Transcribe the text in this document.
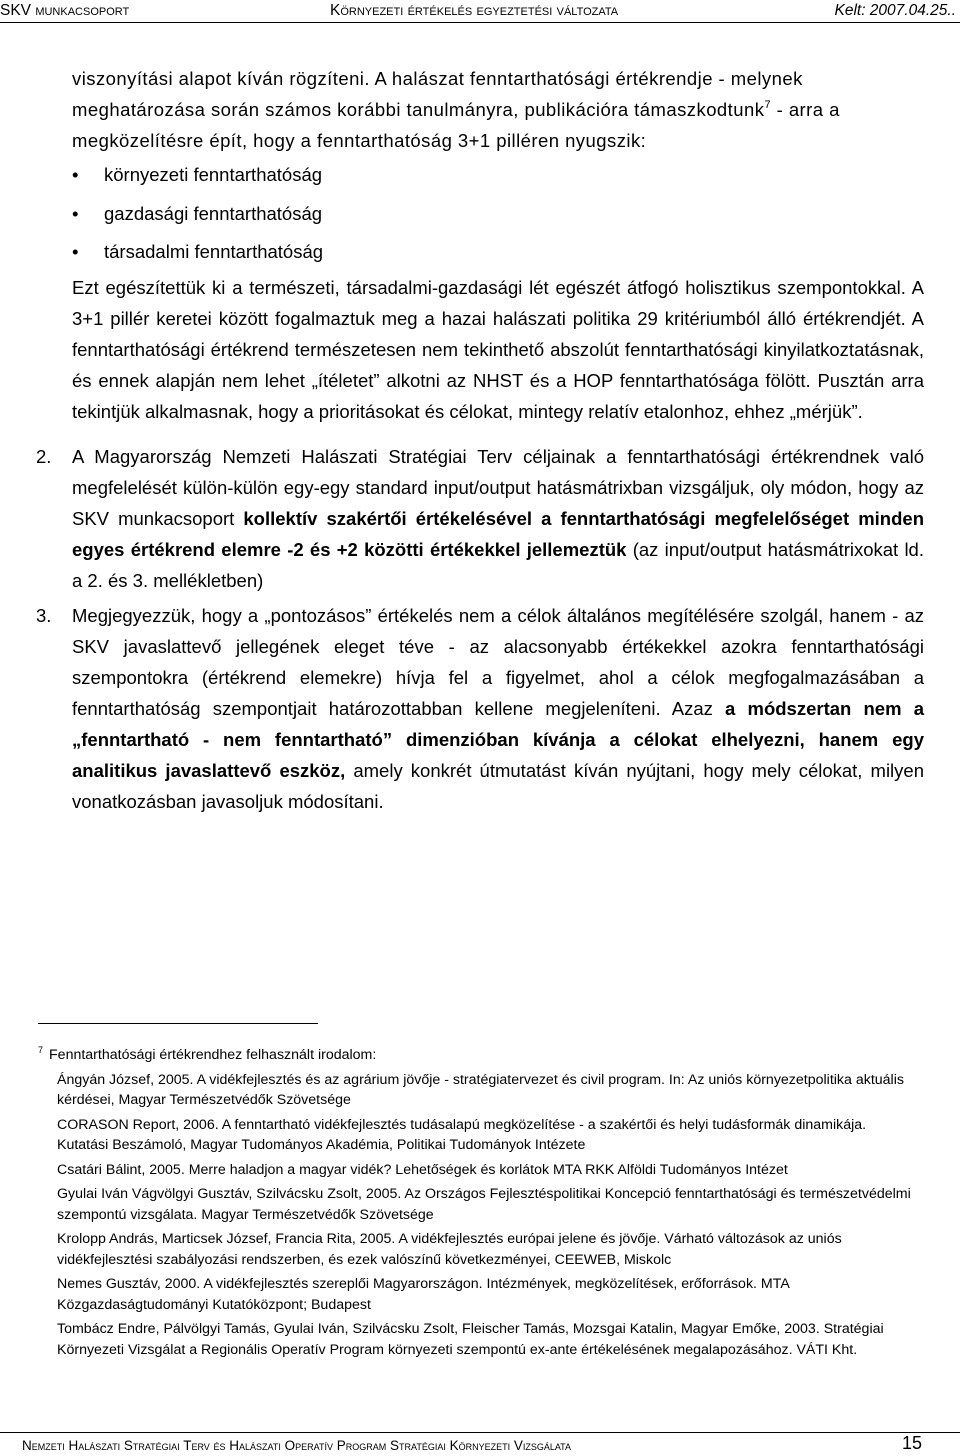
SKV munkacsoport	Környezeti értékelés egyeztetési változata	Kelt: 2007.04.25..

viszonyítási alapot kíván rögzíteni. A halászat fenntarthatósági értékrendje - melynek

meghatározása során számos korábbi tanulmányra, publikációra támaszkodtunk$^7$ - arra a

megközelítésre épít, hogy a fenntarthatóság 3+1 pilléren nyugszik:

• környezeti fenntarthatóság
• gazdasági fenntarthatóság
• társadalmi fenntarthatóság

Ezt egészítettük ki a természeti, társadalmi-gazdasági lét egészét átfogó holisztikus szempontokkal. A 3+1 pillér keretei között fogalmaztuk meg a hazai halászati politika 29 kritériumból álló értékrendjét. A fenntarthatósági értékrend természetesen nem tekinthető abszolút fenntarthatósági kinyilatkoztatásnak, és ennek alapján nem lehet „ítéletet” alkotni az NHST és a HOP fenntarthatósága fölött. Pusztán arra tekintjük alkalmasnak, hogy a prioritásokat és célokat, mintegy relatív etalonhoz, ehhez „mérjük”.

2.	A Magyarország Nemzeti Halászati Stratégiai Terv céljainak a fenntarthatósági értékrendnek való megfelelését külön-külön egy-egy standard input/output hatásmátrixban vizsgáljuk, oly módon, hogy az SKV munkacsoport kollektív szakértői értékelésével a fenntarthatósági megfelelőséget minden egyes értékrend elemre -2 és +2 közötti értékekkel jellemeztük (az input/output hatásmátrixokat ld. a 2. és 3. mellékletben)
3.	Megjegyezzük, hogy a „pontozásos” értékelés nem a célok általános megítélésére szolgál, hanem - az SKV javaslattevő jellegének eleget téve - az alacsonyabb értékekkel azokra fenntarthatósági szempontokra (értékrend elemekre) hívja fel a figyelmet, ahol a célok megfogalmazásában a fenntarthatóság szempontjait határozottabban kellene megjeleníteni. Azaz a módszertan nem a „fenntartható - nem fenntartható” dimenzióban kívánja a célokat elhelyezni, hanem egy analitikus javaslattevő eszköz, amely konkrét útmutatást kíván nyújtani, hogy mely célokat, milyen vonatkozásban javasoljuk módosítani.
$^7$ Fenntarthatósági értékrendhez felhasznált irodalom:
Ángyán József, 2005. A vidékfejlesztés és az agrárium jövője - stratégiatervezet és civil program. In: Az uniós környezetpolitika aktuális kérdései, Magyar Természetvédők Szövetsége
CORASON Report, 2006. A fenntartható vidékfejlesztés tudásalapú megközelítése - a szakértői és helyi tudásformák dinamikája. Kutatási Beszámoló, Magyar Tudományos Akadémia, Politikai Tudományok Intézete
Csatári Bálint, 2005. Merre haladjon a magyar vidék? Lehetőségek és korlátok MTA RKK Alföldi Tudományos Intézet
Gyulai Iván Vágvölgyi Gusztáv, Szilvácsku Zsolt, 2005. Az Országos Fejlesztéspolitikai Koncepció fenntarthatósági és természetvédelmi szempontú vizsgálata. Magyar Természetvédők Szövetsége
Krolopp András, Marticsek József, Francia Rita, 2005. A vidékfejlesztés európai jelene és jövője. Várható változások az uniós vidékfejlesztési szabályozási rendszerben, és ezek valószínű következményei, CEEWEB, Miskolc
Nemes Gusztáv, 2000. A vidékfejlesztés szereplői Magyarországon. Intézmények, megközelítések, erőforrások. MTA Közgazdaságtudományi Kutatóközpont; Budapest
Tombácz Endre, Pálvölgyi Tamás, Gyulai Iván, Szilvácsku Zsolt, Fleischer Tamás, Mozsgai Katalin, Magyar Emőke, 2003. Stratégiai Környezeti Vizsgálat a Regionális Operatív Program környezeti szempontú ex-ante értékelésének megalapozásához. VÁTI Kht.
Nemzeti Halászati Stratégiai Terv és Halászati Operatív Program Stratégiai Környezeti Vizsgálata	15
